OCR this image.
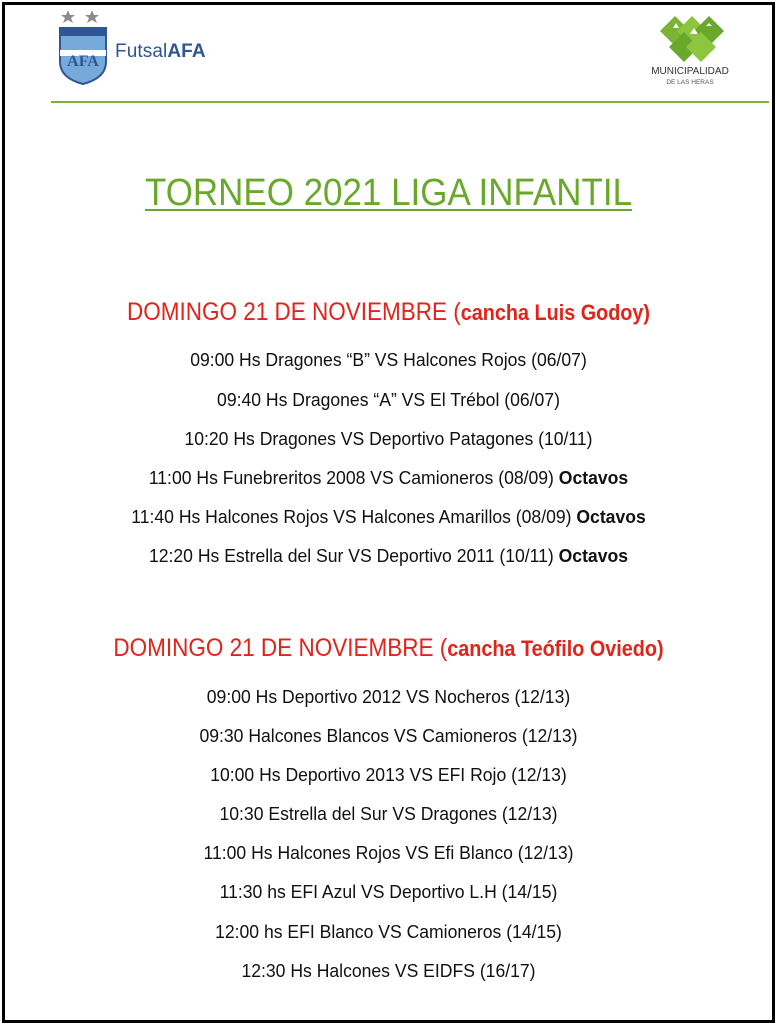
AFA FutsalAFA
MUNICIPALIDAD
DE LAS HERAS
TORNEO 2021 LIGA INFANTIL
DOMINGO 21 DE NOVIEMBRE (cancha Luis Godoy)
09:00 Hs Dragones “B” VS Halcones Rojos (06/07)
09:40 Hs Dragones “A” VS El Trébol (06/07)
10:20 Hs Dragones VS Deportivo Patagones (10/11)
11:00 Hs Funebreritos 2008 VS Camioneros (08/09) Octavos
11:40 Hs Halcones Rojos VS Halcones Amarillos (08/09) Octavos
12:20 Hs Estrella del Sur VS Deportivo 2011 (10/11) Octavos
DOMINGO 21 DE NOVIEMBRE (cancha Teófilo Oviedo)
09:00 Hs Deportivo 2012 VS Nocheros (12/13)
09:30 Halcones Blancos VS Camioneros (12/13)
10:00 Hs Deportivo 2013 VS EFI Rojo (12/13)
10:30 Estrella del Sur VS Dragones (12/13)
11:00 Hs Halcones Rojos VS Efi Blanco (12/13)
11:30 hs EFI Azul VS Deportivo L.H (14/15)
12:00 hs EFI Blanco VS Camioneros (14/15)
12:30 Hs Halcones VS EIDFS (16/17)
